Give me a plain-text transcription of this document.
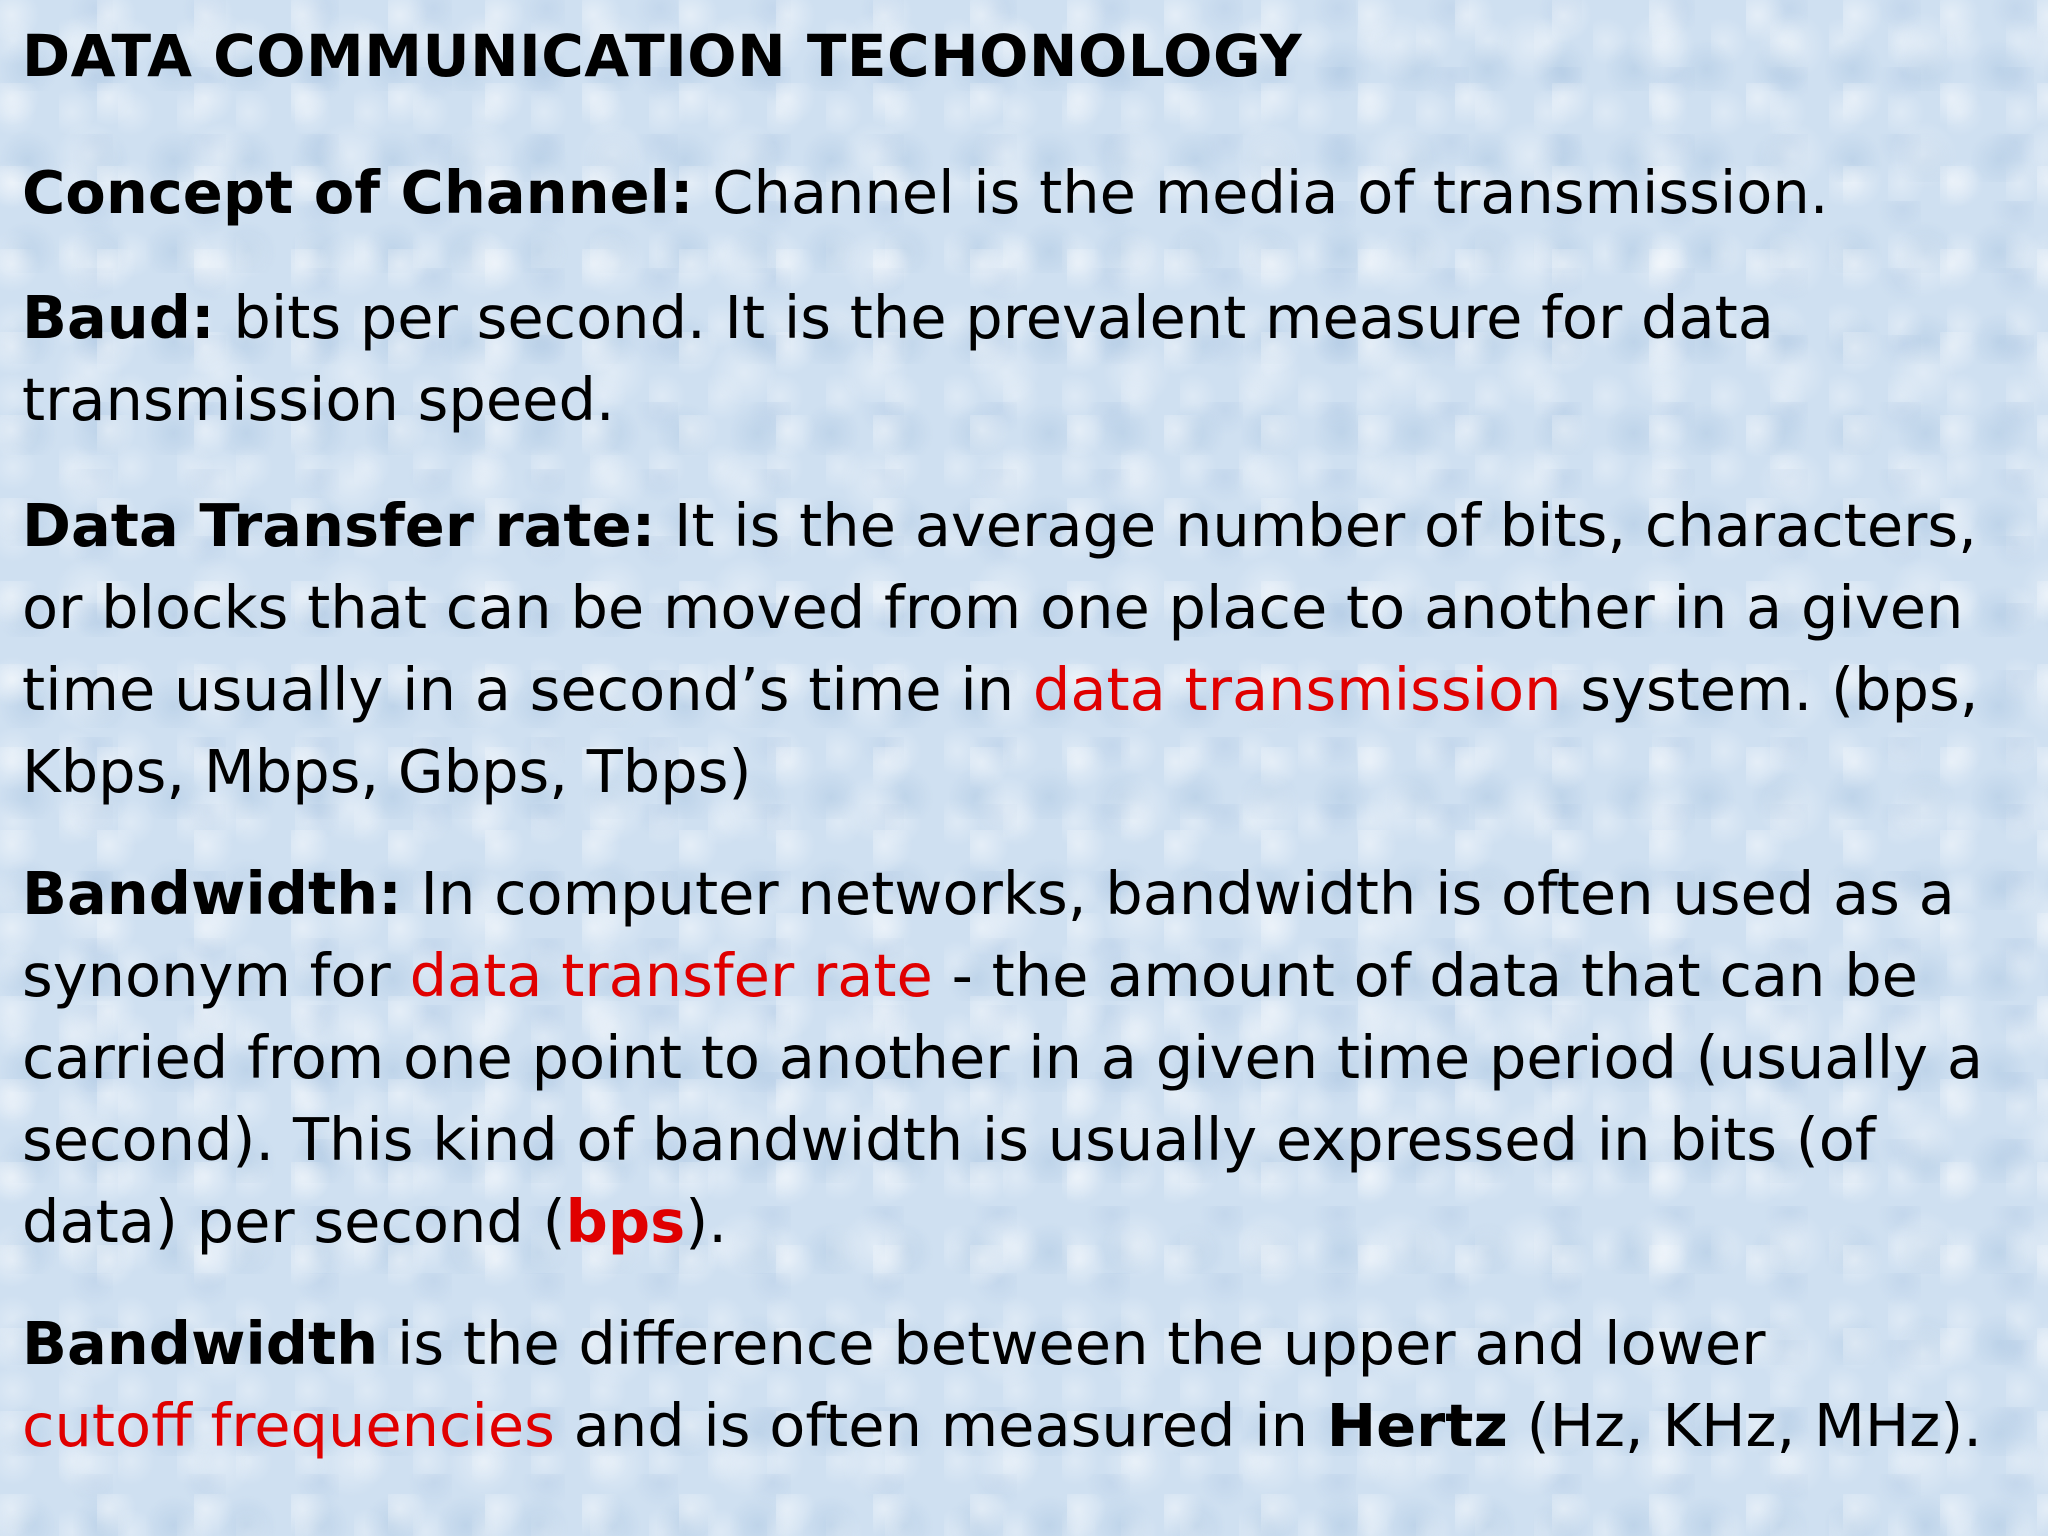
DATA COMMUNICATION TECHONOLOGY

Concept of Channel: Channel is the media of transmission.

Baud: bits per second. It is the prevalent measure for data
transmission speed.

Data Transfer rate: It is the average number of bits, characters,
or blocks that can be moved from one place to another in a given
time usually in a second’s time in data transmission system. (bps,
Kbps, Mbps, Gbps, Tbps)

Bandwidth: In computer networks, bandwidth is often used as a
synonym for data transfer rate - the amount of data that can be
carried from one point to another in a given time period (usually a
second). This kind of bandwidth is usually expressed in bits (of
data) per second (bps).

Bandwidth is the difference between the upper and lower
cutoff frequencies and is often measured in Hertz (Hz, KHz, MHz).
